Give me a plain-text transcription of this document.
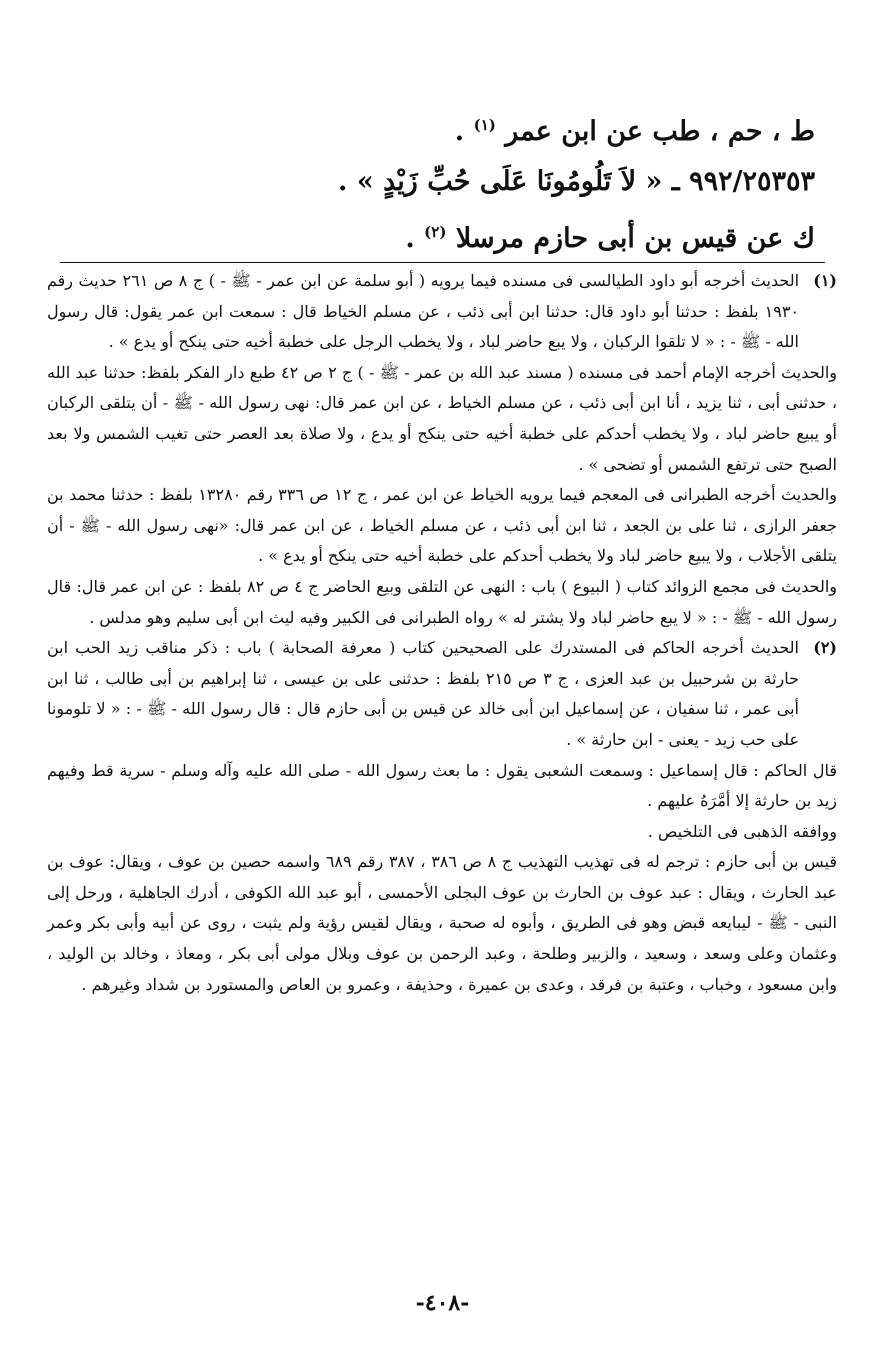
ط ، حم ، طب عن ابن عمر $^{(١)}$ .
٩٩٢/٢٥٣٥٣ ـ « لاَ تَلُومُونَا عَلَى حُبِّ زَيْدٍ » .
ك عن قيس بن أبى حازم مرسلا $^{(٢)}$ .
(١)

الحديث أخرجه أبو داود الطيالسى فى مسنده فيما يرويه ( أبو سلمة عن ابن عمر - ﷺ - ) ج ٨ ص ٢٦١ حديث رقم ١٩٣٠ بلفظ : حدثنا أبو داود قال: حدثنا ابن أبى ذئب ، عن مسلم الخياط قال : سمعت ابن عمر يقول: قال رسول الله - ﷺ - : « لا تلقوا الركبان ، ولا يبع حاضر لباد ، ولا يخطب الرجل على خطبة أخيه حتى ينكح أو يدع » .

والحديث أخرجه الإمام أحمد فى مسنده ( مسند عبد الله بن عمر - ﷺ - ) ج ٢ ص ٤٢ طبع دار الفكر بلفظ: حدثنا عبد الله ، حدثنى أبى ، ثنا يزيد ، أنا ابن أبى ذئب ، عن مسلم الخياط ، عن ابن عمر قال: نهى رسول الله - ﷺ - أن يتلقى الركبان أو يبيع حاضر لباد ، ولا يخطب أحدكم على خطبة أخيه حتى ينكح أو يدع ، ولا صلاة بعد العصر حتى تغيب الشمس ولا بعد الصبح حتى ترتفع الشمس أو تضحى » .

والحديث أخرجه الطبرانى فى المعجم فيما يرويه الخياط عن ابن عمر ، ج ١٢ ص ٣٣٦ رقم ١٣٢٨٠ بلفظ : حدثنا محمد بن جعفر الرازى ، ثنا على بن الجعد ، ثنا ابن أبى ذئب ، عن مسلم الخياط ، عن ابن عمر قال: «نهى رسول الله - ﷺ - أن يتلقى الأجلاب ، ولا يبيع حاضر لباد ولا يخطب أحدكم على خطبة أخيه حتى ينكح أو يدع » .

والحديث فى مجمع الزوائد كتاب ( البيوع ) باب : النهى عن التلقى وبيع الحاضر ج ٤ ص ٨٢ بلفظ : عن ابن عمر قال: قال رسول الله - ﷺ - : « لا يبع حاضر لباد ولا يشتر له » رواه الطبرانى فى الكبير وفيه ليث ابن أبى سليم وهو مدلس .

(٢)

الحديث أخرجه الحاكم فى المستدرك على الصحيحين كتاب ( معرفة الصحابة ) باب : ذكر مناقب زيد الحب ابن حارثة بن شرحبيل بن عبد العزى ، ج ٣ ص ٢١٥ بلفظ : حدثنى على بن عيسى ، ثنا إبراهيم بن أبى طالب ، ثنا ابن أبى عمر ، ثنا سفيان ، عن إسماعيل ابن أبى خالد عن قيس بن أبى حازم قال : قال رسول الله - ﷺ - : « لا تلومونا على حب زيد - يعنى - ابن حارثة » .

قال الحاكم : قال إسماعيل : وسمعت الشعبى يقول : ما بعث رسول الله - صلى الله عليه وآله وسلم - سرية قط وفيهم زيد بن حارثة إلا أمَّرَهُ عليهم .

ووافقه الذهبى فى التلخيص .

قيس بن أبى حازم : ترجم له فى تهذيب التهذيب ج ٨ ص ٣٨٦ ، ٣٨٧ رقم ٦٨٩ واسمه حصين بن عوف ، ويقال: عوف بن عبد الحارث ، ويقال : عبد عوف بن الحارث بن عوف البجلى الأحمسى ، أبو عبد الله الكوفى ، أدرك الجاهلية ، ورحل إلى النبى - ﷺ - ليبايعه قبض وهو فى الطريق ، وأبوه له صحبة ، ويقال لقيس رؤية ولم يثبت ، روى عن أبيه وأبى بكر وعمر وعثمان وعلى وسعد ، وسعيد ، والزبير وطلحة ، وعبد الرحمن بن عوف وبلال مولى أبى بكر ، ومعاذ ، وخالد بن الوليد ، وابن مسعود ، وخباب ، وعتبة بن فرقد ، وعدى بن عميرة ، وحذيفة ، وعمرو بن العاص والمستورد بن شداد وغيرهم .

-٤٠٨-
